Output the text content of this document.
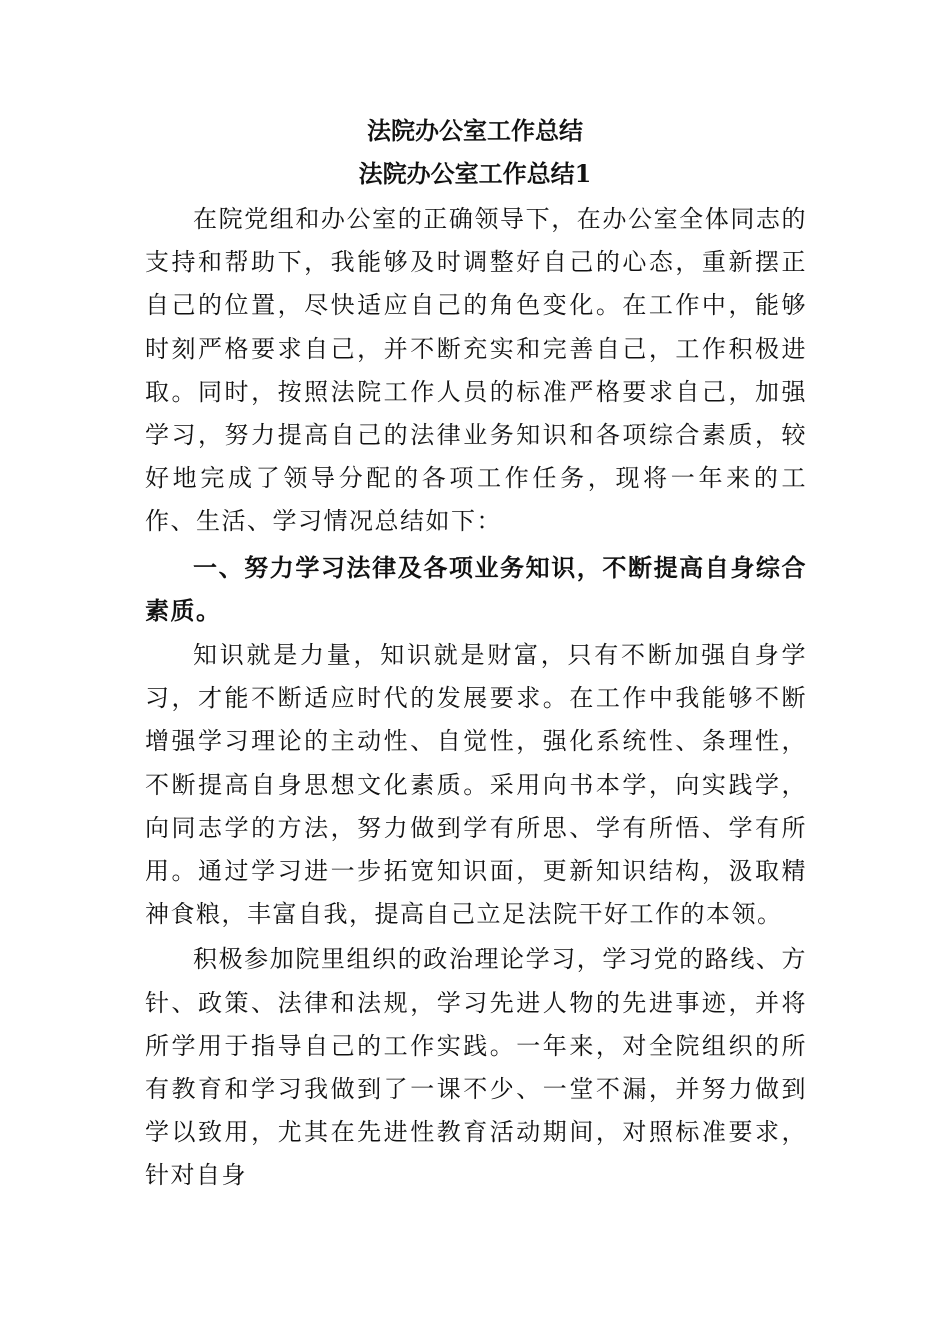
法院办公室工作总结
法院办公室工作总结1

在院党组和办公室的正确领导下，在办公室全体同志的支持和帮助下，我能够及时调整好自己的心态，重新摆正自己的位置，尽快适应自己的角色变化。在工作中，能够时刻严格要求自己，并不断充实和完善自己，工作积极进取。同时，按照法院工作人员的标准严格要求自己，加强学习，努力提高自己的法律业务知识和各项综合素质，较好地完成了领导分配的各项工作任务，现将一年来的工作、生活、学习情况总结如下：

一、努力学习法律及各项业务知识，不断提高自身综合素质。

知识就是力量，知识就是财富，只有不断加强自身学习，才能不断适应时代的发展要求。在工作中我能够不断增强学习理论的主动性、自觉性，强化系统性、条理性，不断提高自身思想文化素质。采用向书本学，向实践学，向同志学的方法，努力做到学有所思、学有所悟、学有所用。通过学习进一步拓宽知识面，更新知识结构，汲取精神食粮，丰富自我，提高自己立足法院干好工作的本领。

积极参加院里组织的政治理论学习，学习党的路线、方针、政策、法律和法规，学习先进人物的先进事迹，并将所学用于指导自己的工作实践。一年来，对全院组织的所有教育和学习我做到了一课不少、一堂不漏，并努力做到学以致用，尤其在先进性教育活动期间，对照标准要求，针对自身
